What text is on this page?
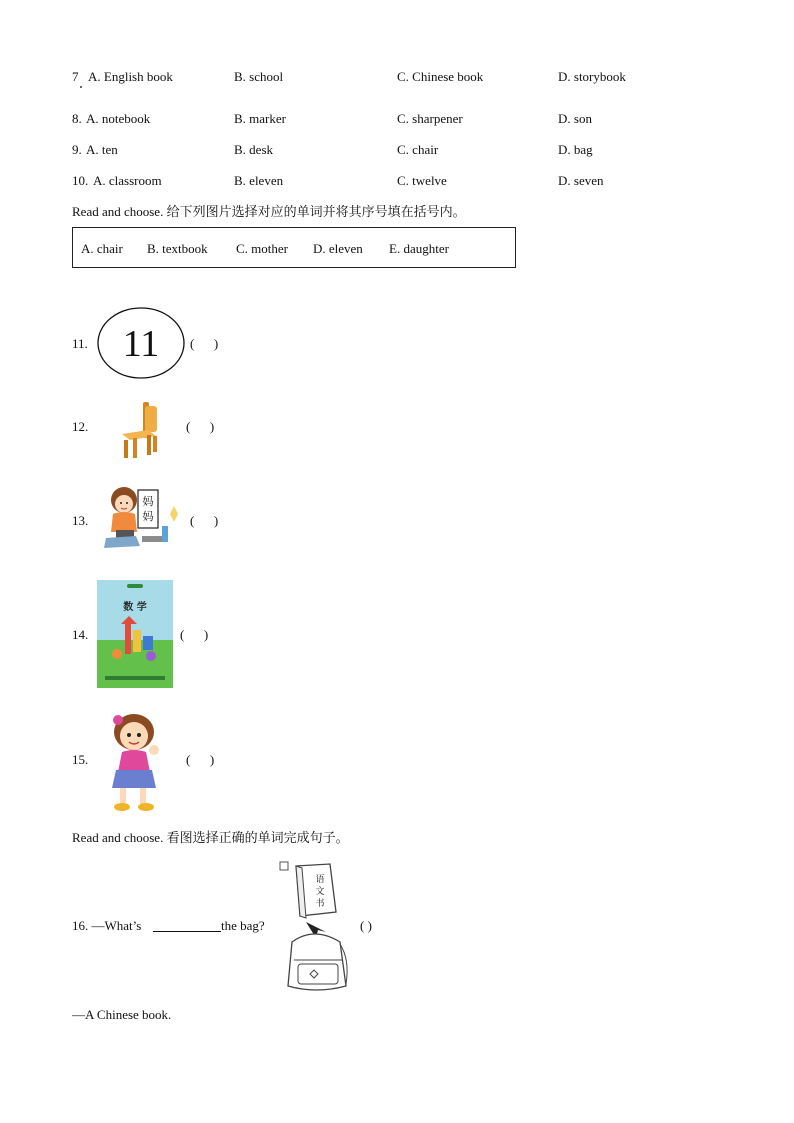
7 A. English book	B. school	C. Chinese book	D. storybook
8. A. notebook	B. marker	C. sharpener	D. son
9. A. ten	B. desk	C. chair	D. bag
10. A. classroom	B. eleven	C. twelve	D. seven
Read and choose. 给下列图片选择对应的单词并将其序号填在括号内。
A. chair B. textbook C. mother D. eleven E. daughter
11. 11 (      )
12.	(      )
13.
妈
妈	(      )
14.
数 学
(      )
15.	(      )
Read and choose. 看图选择正确的单词完成句子。
16. —What’s	the bag?
语
文
书
( )
—A Chinese book.
